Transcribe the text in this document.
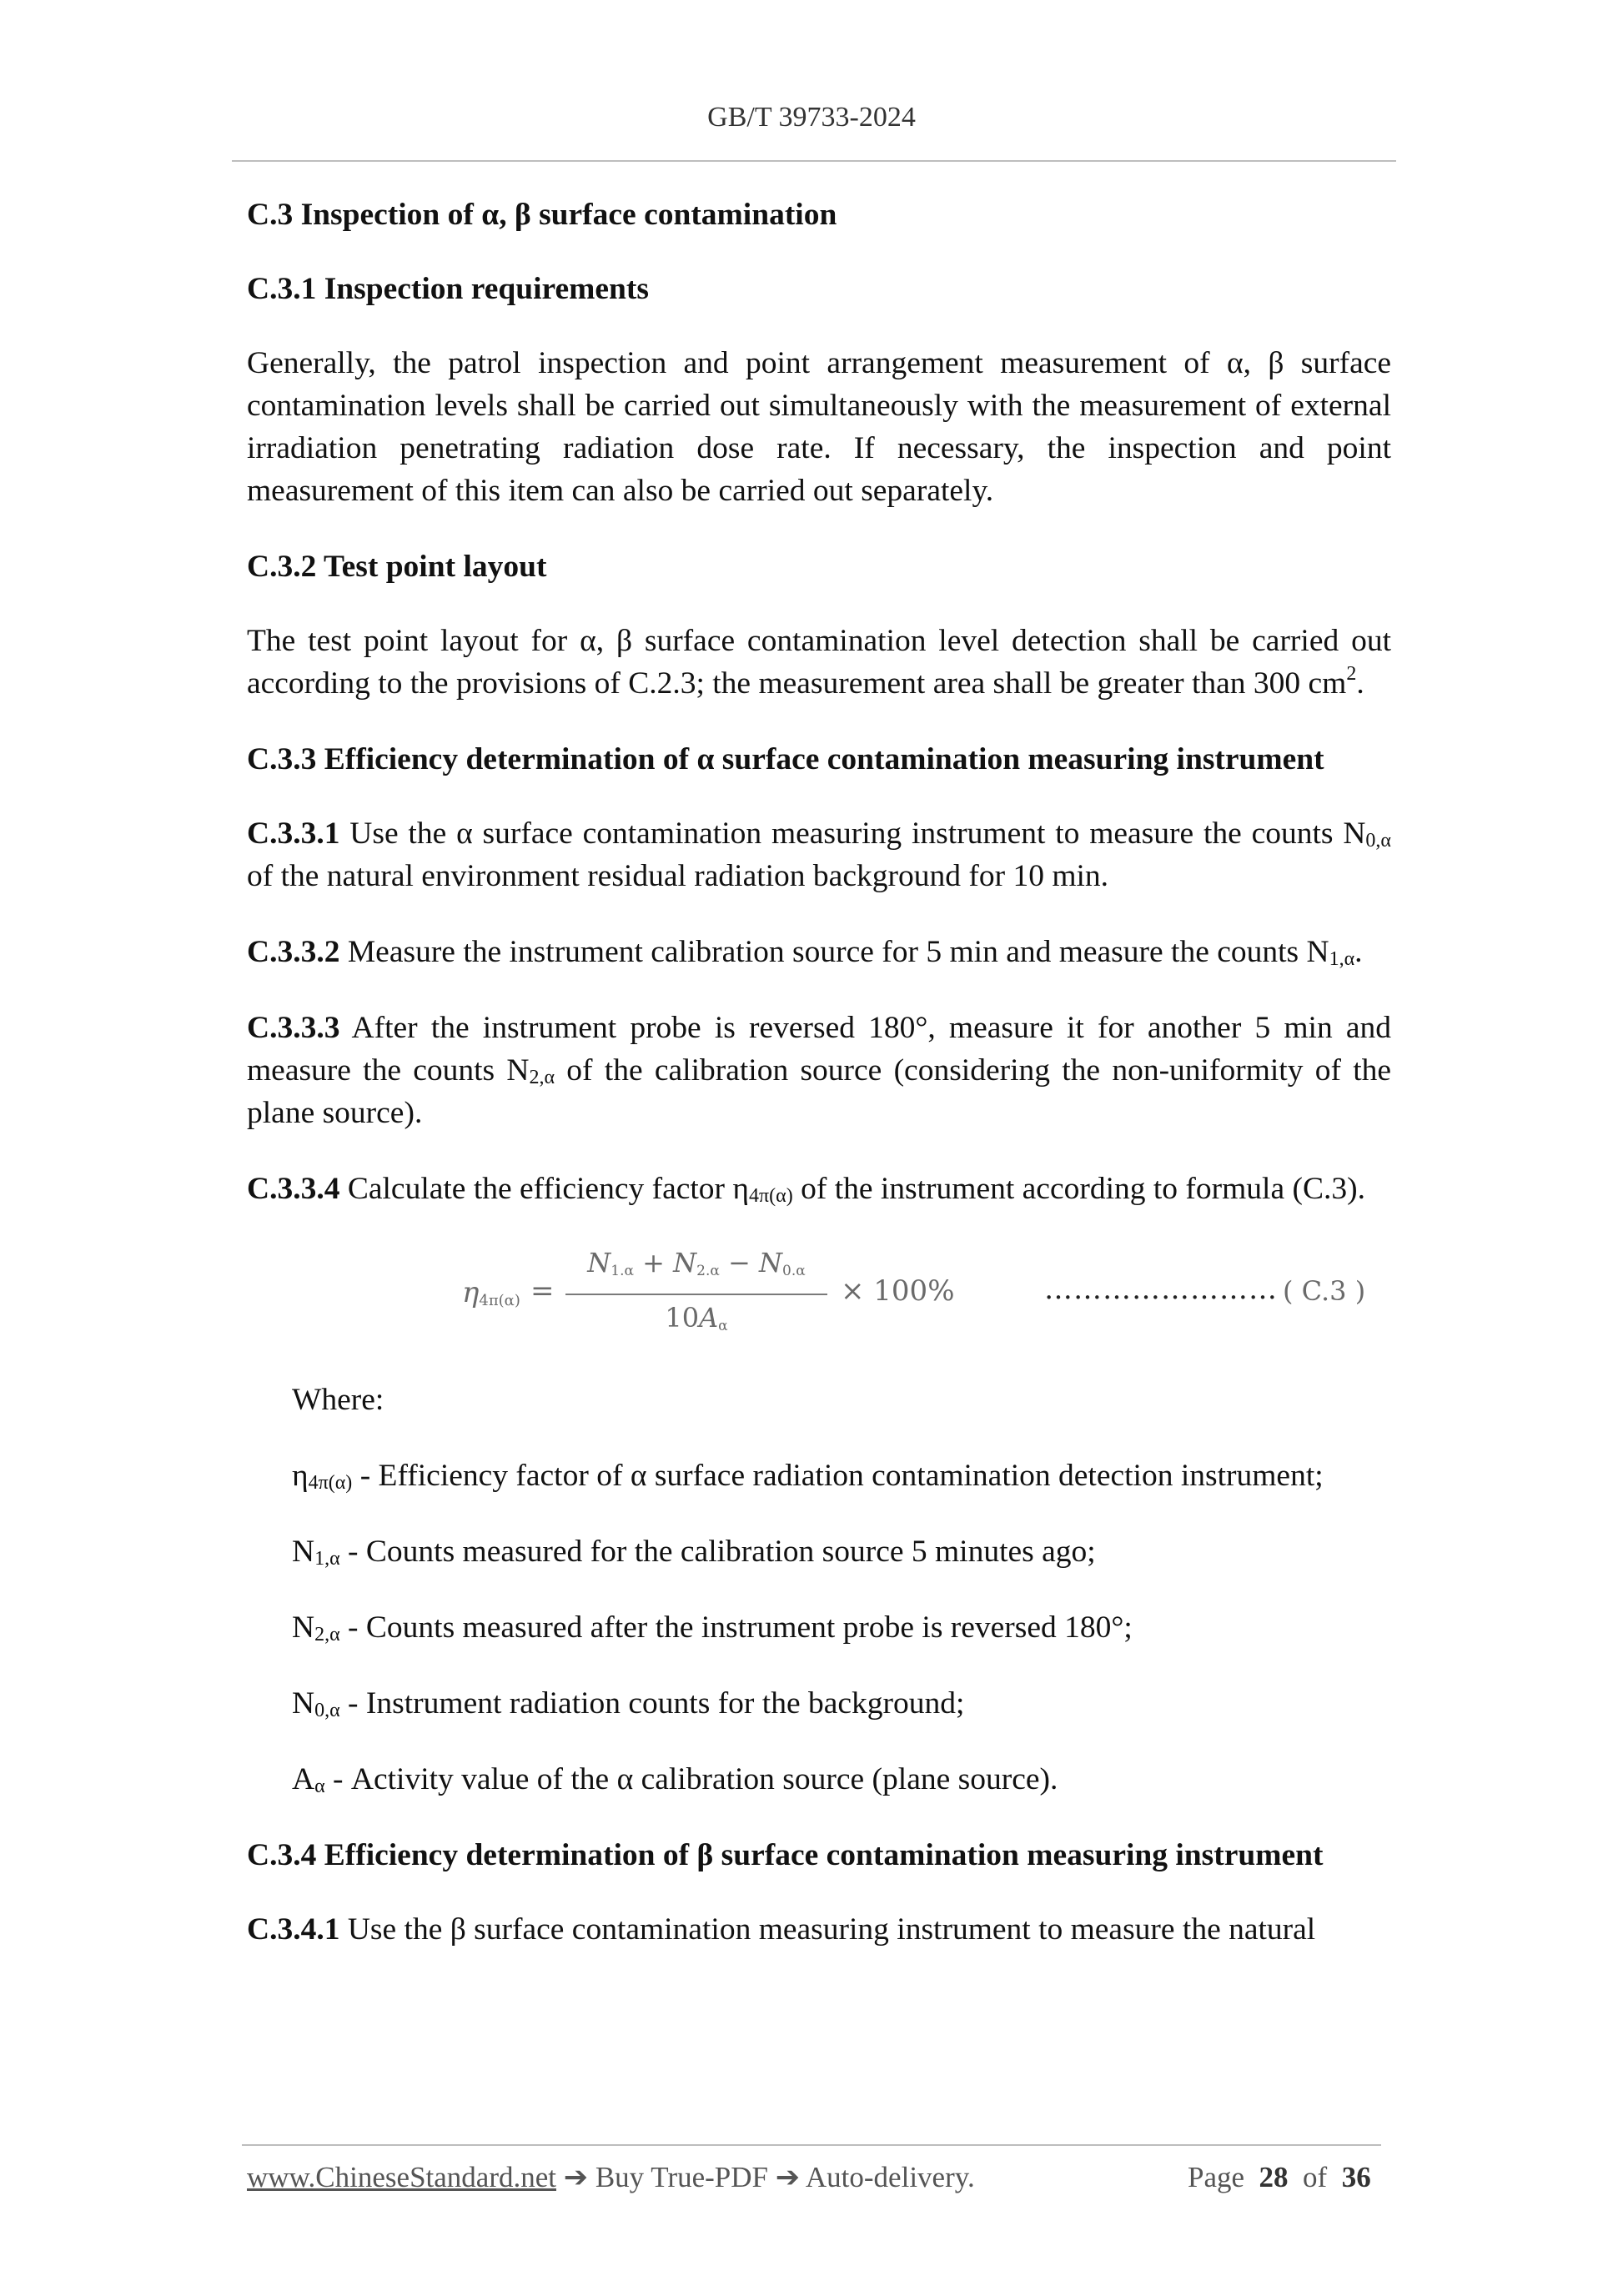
GB/T 39733-2024

C.3 Inspection of α, β surface contamination

C.3.1 Inspection requirements

Generally, the patrol inspection and point arrangement measurement of α, β surface contamination levels shall be carried out simultaneously with the measurement of external irradiation penetrating radiation dose rate. If necessary, the inspection and point measurement of this item can also be carried out separately.

C.3.2 Test point layout

The test point layout for α, β surface contamination level detection shall be carried out according to the provisions of C.2.3; the measurement area shall be greater than 300 $cm^2$.

C.3.3 Efficiency determination of α surface contamination measuring instrument

C.3.3.1 Use the α surface contamination measuring instrument to measure the counts N0,α of the natural environment residual radiation background for 10 min.

C.3.3.2 Measure the instrument calibration source for 5 min and measure the counts N1,α.

C.3.3.3 After the instrument probe is reversed 180°, measure it for another 5 min and measure the counts N2,α of the calibration source (considering the non-uniformity of the plane source).

C.3.3.4 Calculate the efficiency factor η4π(α) of the instrument according to formula (C.3).

η4π(α) =
N1.α + N2.α − N0.α
10Aα
× 100%	…………………… ( C.3 )

Where:

η4π(α) - Efficiency factor of α surface radiation contamination detection instrument;

N1,α - Counts measured for the calibration source 5 minutes ago;

N2,α - Counts measured after the instrument probe is reversed 180°;

N0,α - Instrument radiation counts for the background;

Aα - Activity value of the α calibration source (plane source).

C.3.4 Efficiency determination of β surface contamination measuring instrument

C.3.4.1 Use the β surface contamination measuring instrument to measure the natural

www.ChineseStandard.net ➔ Buy True-PDF ➔ Auto-delivery.	Page 28 of 36
